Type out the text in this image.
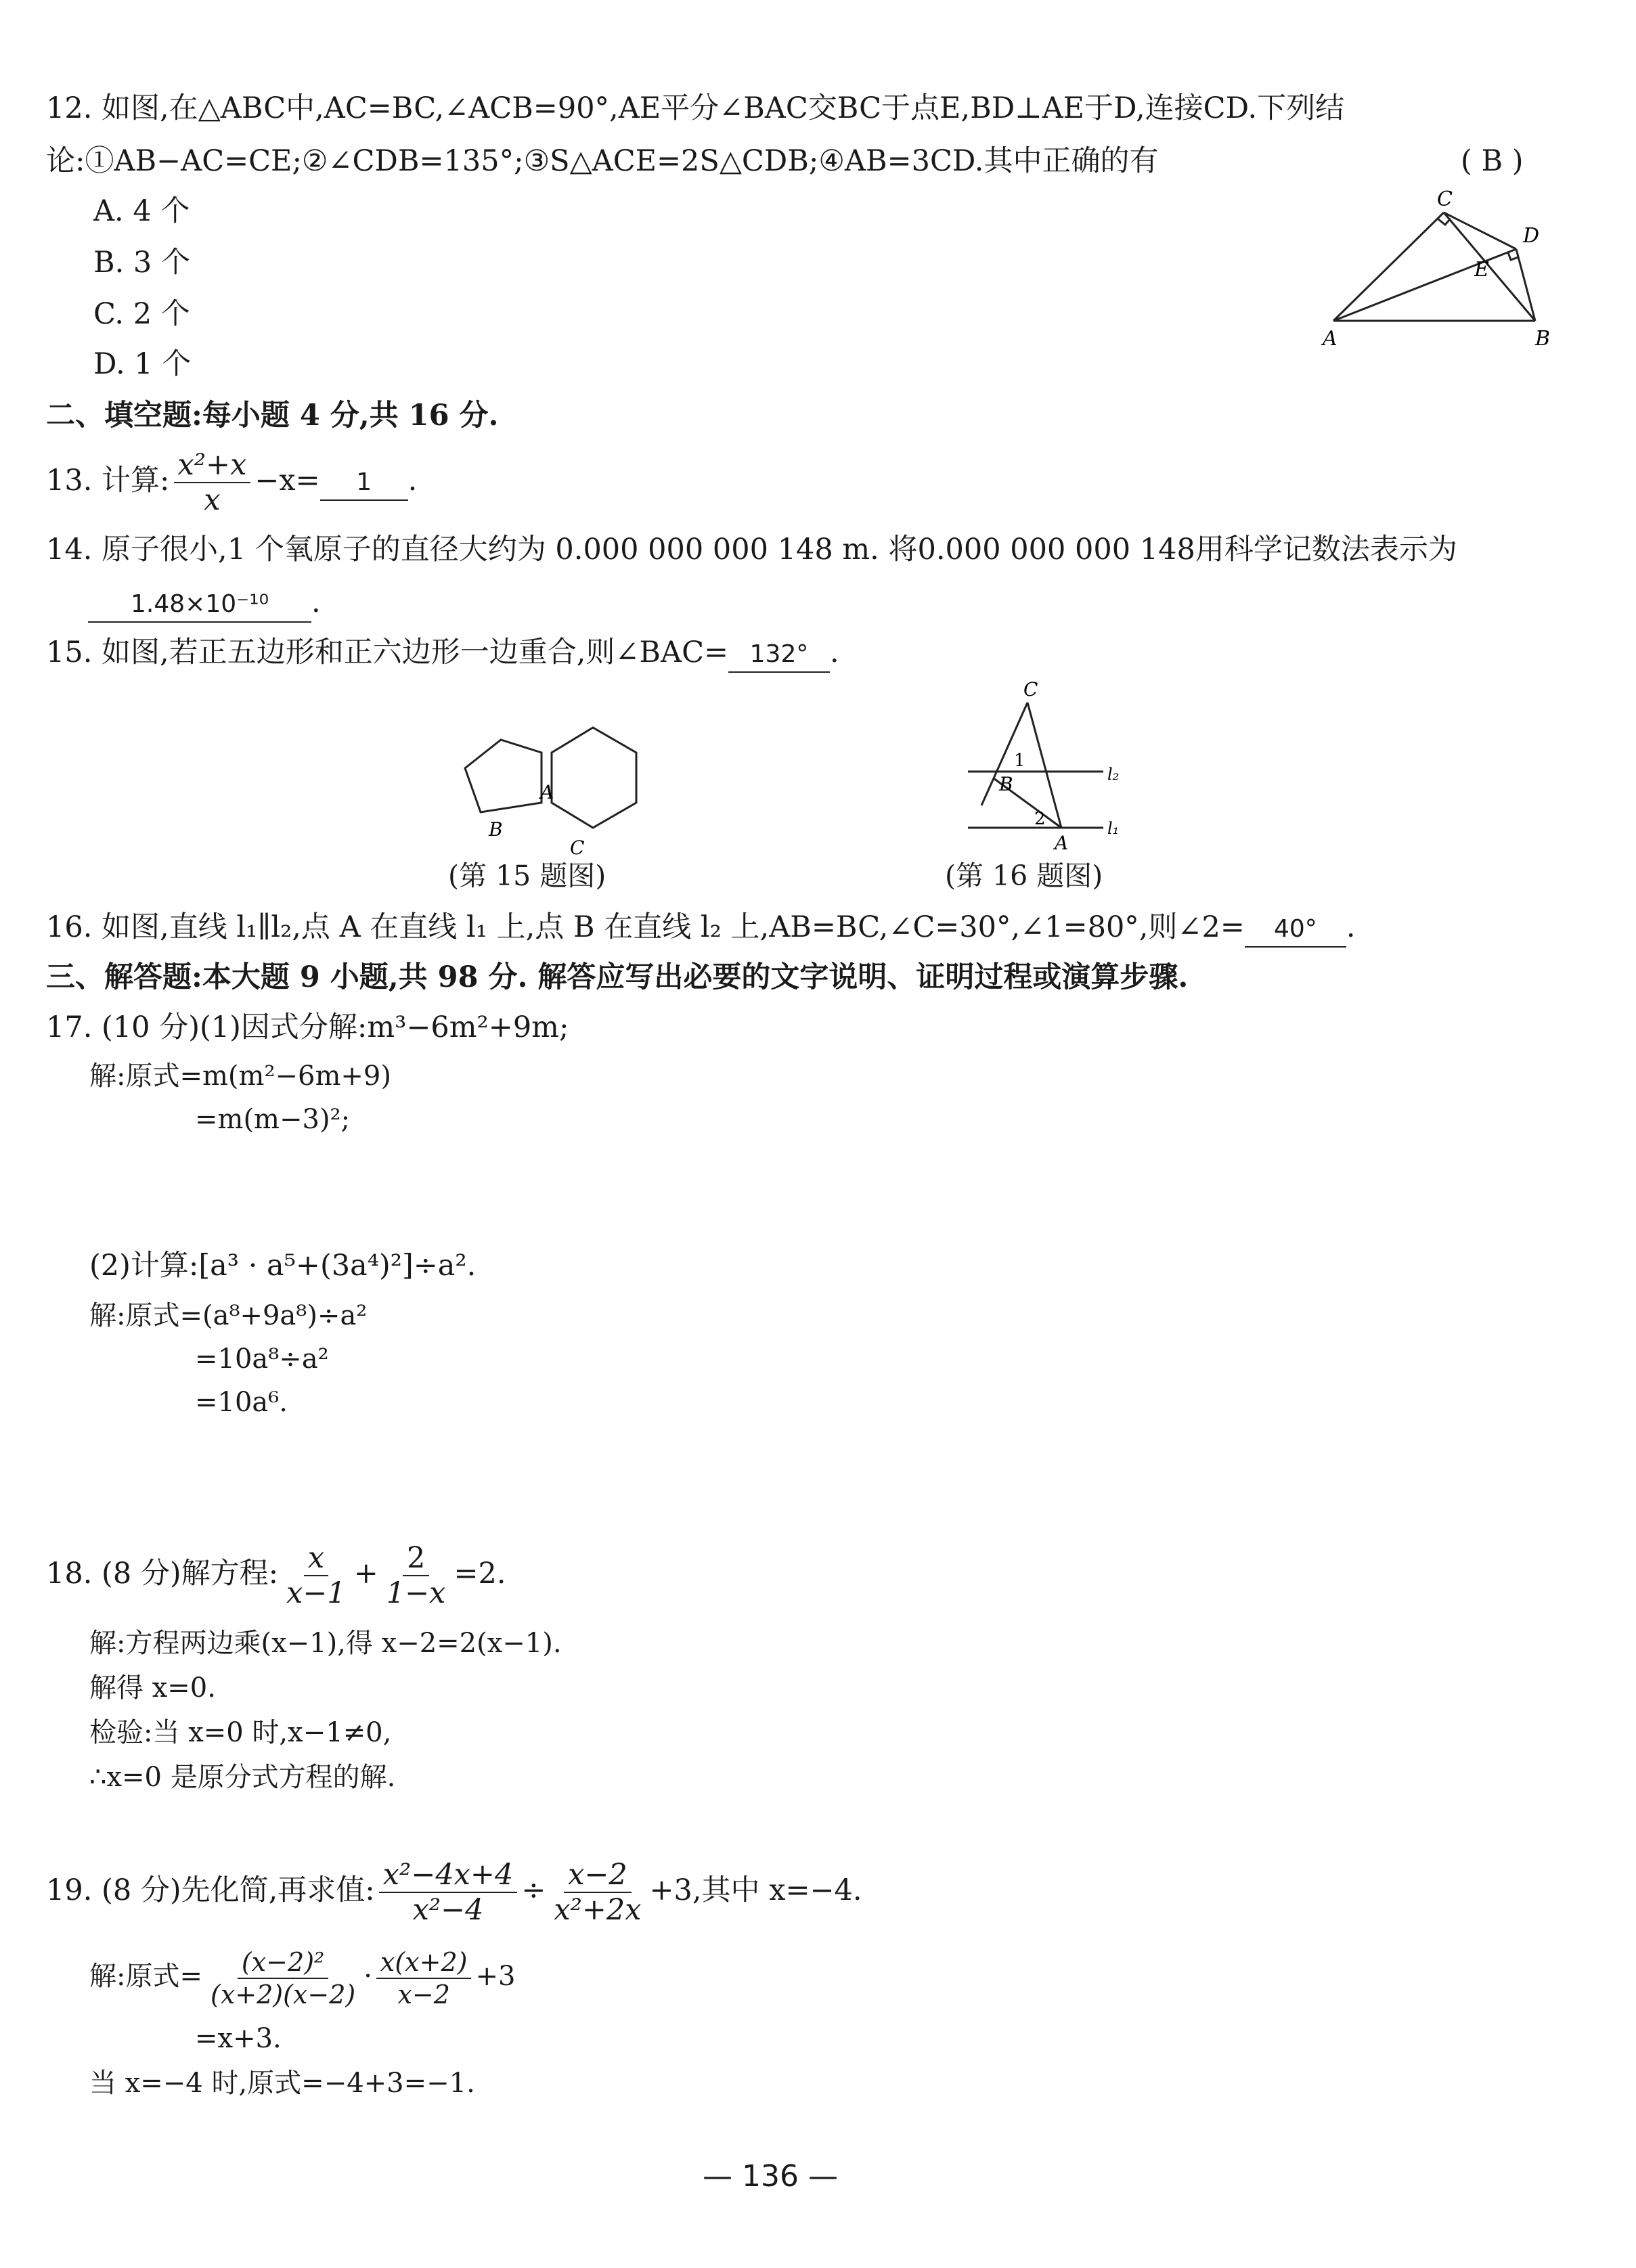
12. 如图,在△ABC中,AC=BC,∠ACB=90°,AE平分∠BAC交BC于点E,BD⊥AE于D,连接CD.下列结
论:①AB−AC=CE;②∠CDB=135°;③S△ACE=2S△CDB;④AB=3CD.其中正确的有	( B )
A. 4 个
B. 3 个
C. 2 个
D. 1 个
C
D
E
A	B
二、填空题:每小题 4 分,共 16 分.
13. 计算: $\frac{\text{x²+x}}{x} -x= 1$ .
14. 原子很小,1 个氧原子的直径大约为 0.000 000 000 148 m. 将0.000 000 000 148用科学记数法表示为
1.48×10⁻¹⁰ .
15. 如图,若正五边形和正六边形一边重合,则∠BAC= 132° .
A
B
C
(第 15 题图)
C
1
B
2
A
l₂
l₁
(第 16 题图)
16. 如图,直线 l₁∥l₂,点 A 在直线 l₁ 上,点 B 在直线 l₂ 上,AB=BC,∠C=30°,∠1=80°,则∠2= 40° .
三、解答题:本大题 9 小题,共 98 分. 解答应写出必要的文字说明、证明过程或演算步骤.
17. (10 分)(1)因式分解:m³−6m²+9m;
解:原式=m(m²−6m+9)
=m(m−3)²;
(2)计算:[a³ · a⁵+(3a⁴)²]÷a².
解:原式=(a⁸+9a⁸)÷a²
=10a⁸÷a²
=10a⁶.
18. (8 分)解方程: $\frac{x}{x-1} + \frac{2}{1-x} =2$.
解:方程两边乘(x−1),得 x−2=2(x−1).
解得 x=0.
检验:当 x=0 时,x−1≠0,
∴x=0 是原分式方程的解.
19. (8 分)先化简,再求值: $\frac{\text{x²−4x+4}}{\text{x²−4}} \div \frac{x-2}{\text{x²+2x}} +3$,其中 x=−4.
解:原式= $\frac{\text{(x−2)²}}{(x+2)(x-2)} \cdot \frac{x(x+2)}{x-2} +3$
=x+3.
当 x=−4 时,原式=−4+3=−1.
— 136 —
